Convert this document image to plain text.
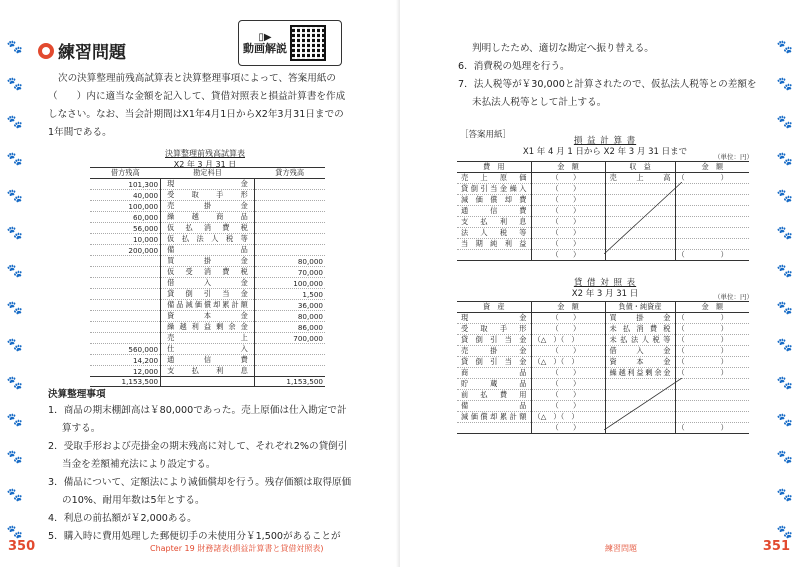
🐾
🐾
🐾
🐾
🐾
🐾
🐾
🐾
🐾
🐾
🐾
🐾
🐾
🐾
練習問題
▯▶
動画解説

次の決算整理前残高試算表と決算整理事項によって、答案用紙の（　　）内に適当な金額を記入して、貸借対照表と損益計算書を作成しなさい。なお、当会計期間はX1年4月1日からX2年3月31日までの1年間である。

決算整理前残高試算表
X2 年 3 月 31 日
借方残高	勘定科目	貸方残高
101,300	現金	
40,000	受取手形	
100,000	売掛金	
60,000	繰越商品	
56,000	仮払消費税	
10,000	仮払法人税等	
200,000	備品	
	買掛金	80,000
	仮受消費税	70,000
	借入金	100,000
	貸倒引当金	1,500
	備品減価償却累計額	36,000
	資本金	80,000
	繰越利益剰余金	86,000
	売上	700,000
560,000	仕入	
14,200	通信費	
12,000	支払利息	
1,153,500		1,153,500
決算整理事項
1．商品の期末棚卸高は￥80,000であった。売上原価は仕入勘定で計算する。
2．受取手形および売掛金の期末残高に対して、それぞれ2%の貸倒引当金を差額補充法により設定する。
3．備品について、定額法により減価償却を行う。残存価額は取得原価の10%、耐用年数は5年とする。
4．利息の前払額が￥2,000ある。
5．購入時に費用処理した郵便切手の未使用分￥1,500があることが
350	Chapter 19 財務諸表(損益計算書と貸借対照表)
🐾
🐾
🐾
🐾
🐾
🐾
🐾
🐾
🐾
🐾
🐾
🐾
🐾
🐾
351
練習問題
判明したため、適切な勘定へ振り替える。
6．消費税の処理を行う。
7．法人税等が￥30,000と計算されたので、仮払法人税等との差額を未払法人税等として計上する。
［答案用紙］
損 益 計 算 書
X1 年 4 月 1 日から X2 年 3 月 31 日まで	（単位：円）
費　用	金　額	収　益	金　額
売上原価	　　　（　　）	売上高	（　　　　　）
貸倒引当金繰入	　　　（　　）		
減価償却費	　　　（　　）		
通信費	　　　（　　）		
支払利息	　　　（　　）		
法人税等	　　　（　　）		
当期純利益	　　　（　　）		
	　　　（　　）		（　　　　　）
貸 借 対 照 表
X2 年 3 月 31 日	（単位：円）
資　産	金　額	負債・純資産	金　額
現金	　　　（　　）	買掛金	（　　　　　）
受取手形	　　　（　　）	未払消費税	（　　　　　）
貸倒引当金	（△　）（　）	未払法人税等	（　　　　　）
売掛金	　　　（　　）	借入金	（　　　　　）
貸倒引当金	（△　）（　）	資本金	（　　　　　）
商品	　　　（　　）	繰越利益剰余金	（　　　　　）
貯蔵品	　　　（　　）		
前払費用	　　　（　　）		
備品	　　　（　　）		
減価償却累計額	（△　）（　）		
	　　　（　　）		（　　　　　）
